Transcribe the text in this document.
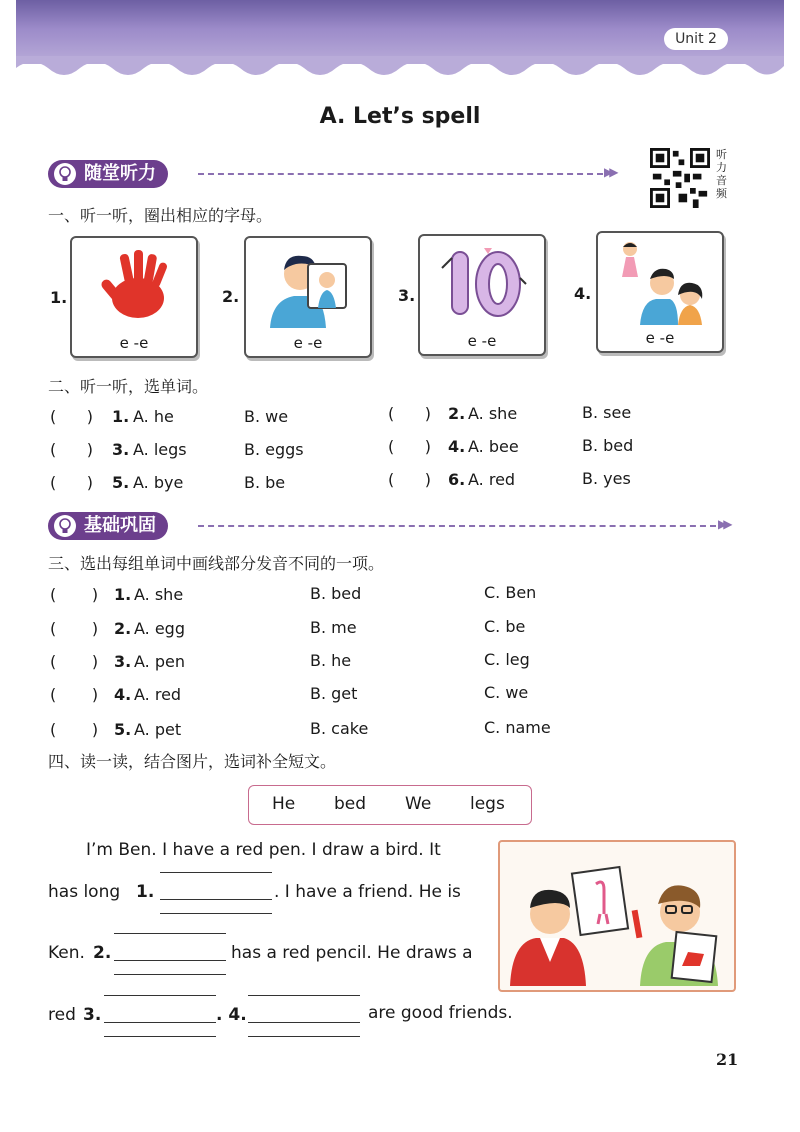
Unit 2
A. Let’s spell
随堂听力	▶▶
听力音频
一、听一听，圈出相应的字母。
1.
e -e
2.
e -e
3.
e -e
4.
e -e
二、听一听，选单词。
(      ) 1. A. he	B. we	(      ) 2. A. she	B. see
(      ) 3. A. legs	B. eggs	(      ) 4. A. bee	B. bed
(      ) 5. A. bye	B. be	(      ) 6. A. red	B. yes
基础巩固	▶▶
三、选出每组单词中画线部分发音不同的一项。
(       ) 1. A. she	B. bed	C. Ben
(       ) 2. A. egg	B. me	C. be
(       ) 3. A. pen	B. he	C. leg
(       ) 4. A. red	B. get	C. we
(       ) 5. A. pet	B. cake	C. name
四、读一读，结合图片，选词补全短文。
He bed We legs
I’m Ben. I have a red pen. I draw a bird. It
has long 1.	. I have a friend. He is
Ken. 2.	has a red pencil. He draws a
red 3.	. 4.	are good friends.
21
